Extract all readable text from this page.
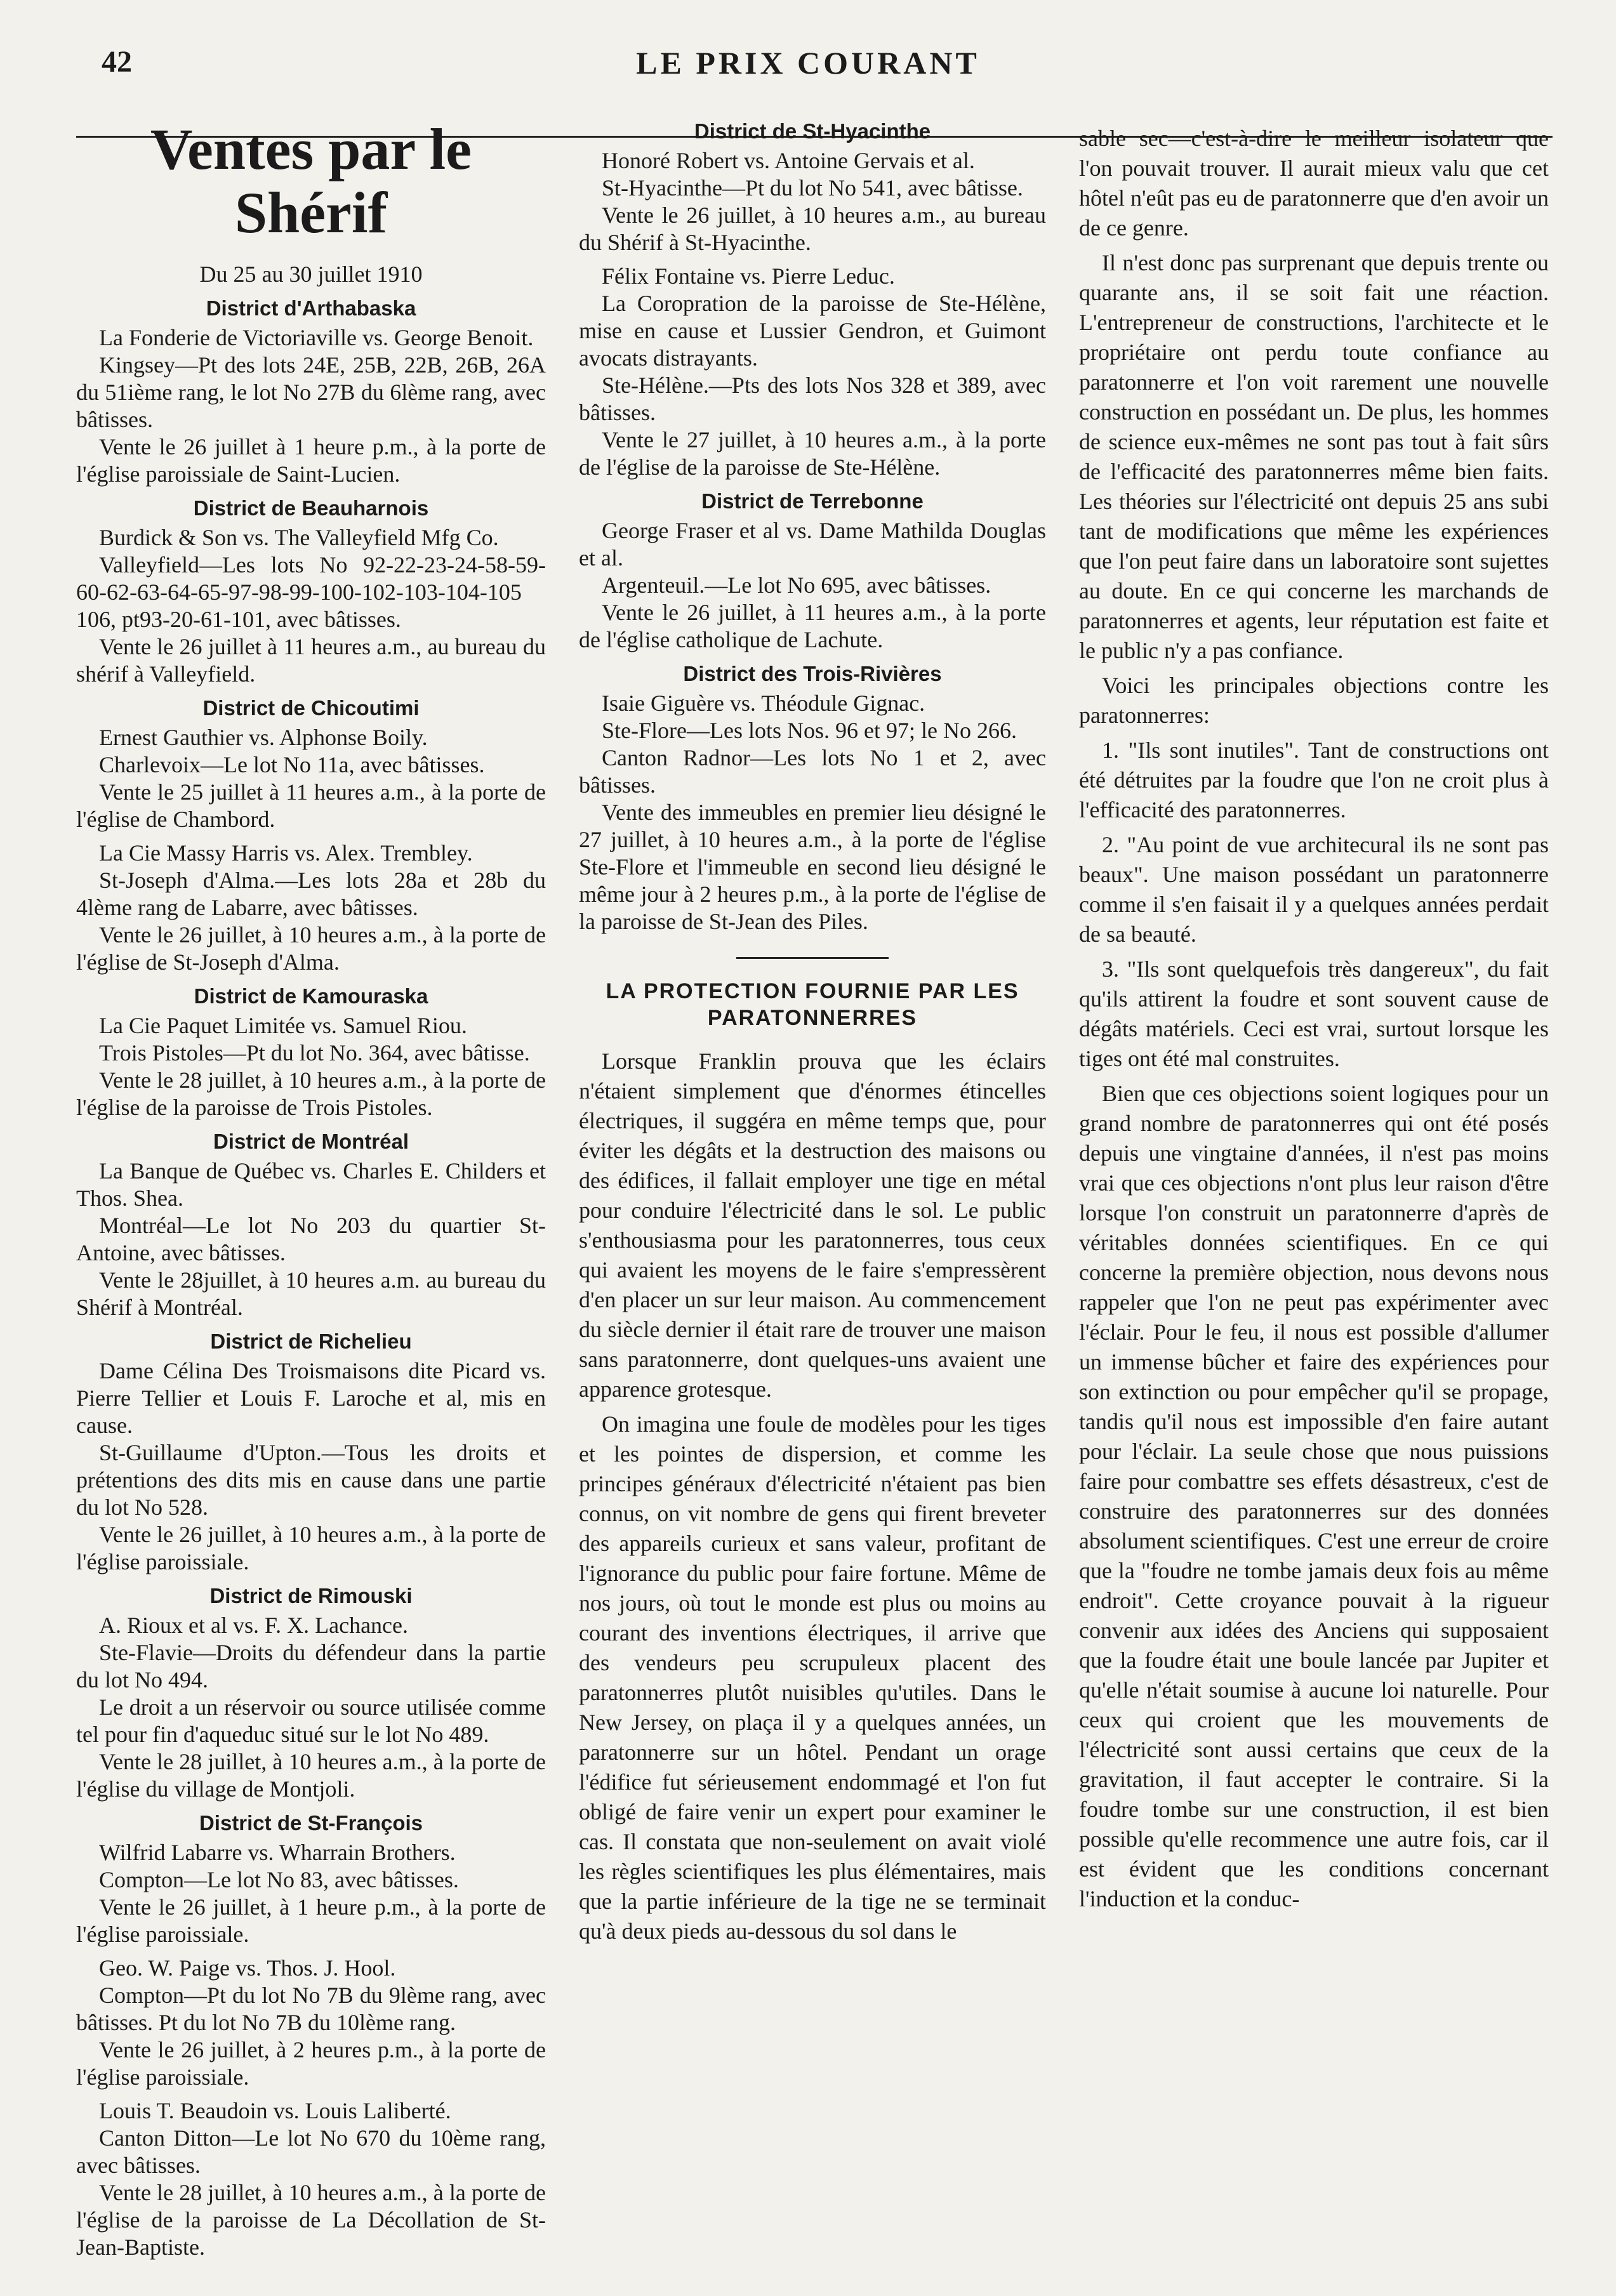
42	LE PRIX COURANT
Ventes par le Shérif
Du 25 au 30 juillet 1910
District d'Arthabaska

La Fonderie de Victoriaville vs. George Benoit.

Kingsey—Pt des lots 24E, 25B, 22B, 26B, 26A du 51ième rang, le lot No 27B du 6lème rang, avec bâtisses.

Vente le 26 juillet à 1 heure p.m., à la porte de l'église paroissiale de Saint-Lucien.

District de Beauharnois

Burdick & Son vs. The Valleyfield Mfg Co.

Valleyfield—Les lots No 92-22-23-24-58-59-60-62-63-64-65-97-98-99-100-102-103-104-105 106, pt93-20-61-101, avec bâtisses.

Vente le 26 juillet à 11 heures a.m., au bureau du shérif à Valleyfield.

District de Chicoutimi

Ernest Gauthier vs. Alphonse Boily.

Charlevoix—Le lot No 11a, avec bâtisses.

Vente le 25 juillet à 11 heures a.m., à la porte de l'église de Chambord.

La Cie Massy Harris vs. Alex. Trembley.

St-Joseph d'Alma.—Les lots 28a et 28b du 4lème rang de Labarre, avec bâtisses.

Vente le 26 juillet, à 10 heures a.m., à la porte de l'église de St-Joseph d'Alma.

District de Kamouraska

La Cie Paquet Limitée vs. Samuel Riou.

Trois Pistoles—Pt du lot No. 364, avec bâtisse.

Vente le 28 juillet, à 10 heures a.m., à la porte de l'église de la paroisse de Trois Pistoles.

District de Montréal

La Banque de Québec vs. Charles E. Childers et Thos. Shea.

Montréal—Le lot No 203 du quartier St-Antoine, avec bâtisses.

Vente le 28juillet, à 10 heures a.m. au bureau du Shérif à Montréal.

District de Richelieu

Dame Célina Des Troismaisons dite Picard vs. Pierre Tellier et Louis F. Laroche et al, mis en cause.

St-Guillaume d'Upton.—Tous les droits et prétentions des dits mis en cause dans une partie du lot No 528.

Vente le 26 juillet, à 10 heures a.m., à la porte de l'église paroissiale.

District de Rimouski

A. Rioux et al vs. F. X. Lachance.

Ste-Flavie—Droits du défendeur dans la partie du lot No 494.

Le droit a un réservoir ou source utilisée comme tel pour fin d'aqueduc situé sur le lot No 489.

Vente le 28 juillet, à 10 heures a.m., à la porte de l'église du village de Montjoli.

District de St-François

Wilfrid Labarre vs. Wharrain Brothers.

Compton—Le lot No 83, avec bâtisses.

Vente le 26 juillet, à 1 heure p.m., à la porte de l'église paroissiale.

Geo. W. Paige vs. Thos. J. Hool.

Compton—Pt du lot No 7B du 9lème rang, avec bâtisses. Pt du lot No 7B du 10lème rang.

Vente le 26 juillet, à 2 heures p.m., à la porte de l'église paroissiale.

Louis T. Beaudoin vs. Louis Laliberté.

Canton Ditton—Le lot No 670 du 10ème rang, avec bâtisses.

Vente le 28 juillet, à 10 heures a.m., à la porte de l'église de la paroisse de La Décollation de St-Jean-Baptiste.

District de St-Hyacinthe

Honoré Robert vs. Antoine Gervais et al.

St-Hyacinthe—Pt du lot No 541, avec bâtisse.

Vente le 26 juillet, à 10 heures a.m., au bureau du Shérif à St-Hyacinthe.

Félix Fontaine vs. Pierre Leduc.

La Coropration de la paroisse de Ste-Hélène, mise en cause et Lussier Gendron, et Guimont avocats distrayants.

Ste-Hélène.—Pts des lots Nos 328 et 389, avec bâtisses.

Vente le 27 juillet, à 10 heures a.m., à la porte de l'église de la paroisse de Ste-Hélène.

District de Terrebonne

George Fraser et al vs. Dame Mathilda Douglas et al.

Argenteuil.—Le lot No 695, avec bâtisses.

Vente le 26 juillet, à 11 heures a.m., à la porte de l'église catholique de Lachute.

District des Trois-Rivières

Isaie Giguère vs. Théodule Gignac.

Ste-Flore—Les lots Nos. 96 et 97; le No 266.

Canton Radnor—Les lots No 1 et 2, avec bâtisses.

Vente des immeubles en premier lieu désigné le 27 juillet, à 10 heures a.m., à la porte de l'église Ste-Flore et l'immeuble en second lieu désigné le même jour à 2 heures p.m., à la porte de l'église de la paroisse de St-Jean des Piles.

LA PROTECTION FOURNIE PAR LES PARATONNERRES

Lorsque Franklin prouva que les éclairs n'étaient simplement que d'énormes étincelles électriques, il suggéra en même temps que, pour éviter les dégâts et la destruction des maisons ou des édifices, il fallait employer une tige en métal pour conduire l'électricité dans le sol. Le public s'enthousiasma pour les paratonnerres, tous ceux qui avaient les moyens de le faire s'empressèrent d'en placer un sur leur maison. Au commencement du siècle dernier il était rare de trouver une maison sans paratonnerre, dont quelques-uns avaient une apparence grotesque.

On imagina une foule de modèles pour les tiges et les pointes de dispersion, et comme les principes généraux d'électricité n'étaient pas bien connus, on vit nombre de gens qui firent breveter des appareils curieux et sans valeur, profitant de l'ignorance du public pour faire fortune. Même de nos jours, où tout le monde est plus ou moins au courant des inventions électriques, il arrive que des vendeurs peu scrupuleux placent des paratonnerres plutôt nuisibles qu'utiles. Dans le New Jersey, on plaça il y a quelques années, un paratonnerre sur un hôtel. Pendant un orage l'édifice fut sérieusement endommagé et l'on fut obligé de faire venir un expert pour examiner le cas. Il constata que non-seulement on avait violé les règles scientifiques les plus élémentaires, mais que la partie inférieure de la tige ne se terminait qu'à deux pieds au-dessous du sol dans le

sable sec—c'est-à-dire le meilleur isolateur que l'on pouvait trouver. Il aurait mieux valu que cet hôtel n'eût pas eu de paratonnerre que d'en avoir un de ce genre.

Il n'est donc pas surprenant que depuis trente ou quarante ans, il se soit fait une réaction. L'entrepreneur de constructions, l'architecte et le propriétaire ont perdu toute confiance au paratonnerre et l'on voit rarement une nouvelle construction en possédant un. De plus, les hommes de science eux-mêmes ne sont pas tout à fait sûrs de l'efficacité des paratonnerres même bien faits. Les théories sur l'électricité ont depuis 25 ans subi tant de modifications que même les expériences que l'on peut faire dans un laboratoire sont sujettes au doute. En ce qui concerne les marchands de paratonnerres et agents, leur réputation est faite et le public n'y a pas confiance.

Voici les principales objections contre les paratonnerres:

1. "Ils sont inutiles". Tant de constructions ont été détruites par la foudre que l'on ne croit plus à l'efficacité des paratonnerres.

2. "Au point de vue architecural ils ne sont pas beaux". Une maison possédant un paratonnerre comme il s'en faisait il y a quelques années perdait de sa beauté.

3. "Ils sont quelquefois très dangereux", du fait qu'ils attirent la foudre et sont souvent cause de dégâts matériels. Ceci est vrai, surtout lorsque les tiges ont été mal construites.

Bien que ces objections soient logiques pour un grand nombre de paratonnerres qui ont été posés depuis une vingtaine d'années, il n'est pas moins vrai que ces objections n'ont plus leur raison d'être lorsque l'on construit un paratonnerre d'après de véritables données scientifiques. En ce qui concerne la première objection, nous devons nous rappeler que l'on ne peut pas expérimenter avec l'éclair. Pour le feu, il nous est possible d'allumer un immense bûcher et faire des expériences pour son extinction ou pour empêcher qu'il se propage, tandis qu'il nous est impossible d'en faire autant pour l'éclair. La seule chose que nous puissions faire pour combattre ses effets désastreux, c'est de construire des paratonnerres sur des données absolument scientifiques. C'est une erreur de croire que la "foudre ne tombe jamais deux fois au même endroit". Cette croyance pouvait à la rigueur convenir aux idées des Anciens qui supposaient que la foudre était une boule lancée par Jupiter et qu'elle n'était soumise à aucune loi naturelle. Pour ceux qui croient que les mouvements de l'électricité sont aussi certains que ceux de la gravitation, il faut accepter le contraire. Si la foudre tombe sur une construction, il est bien possible qu'elle recommence une autre fois, car il est évident que les conditions concernant l'induction et la conduc-
